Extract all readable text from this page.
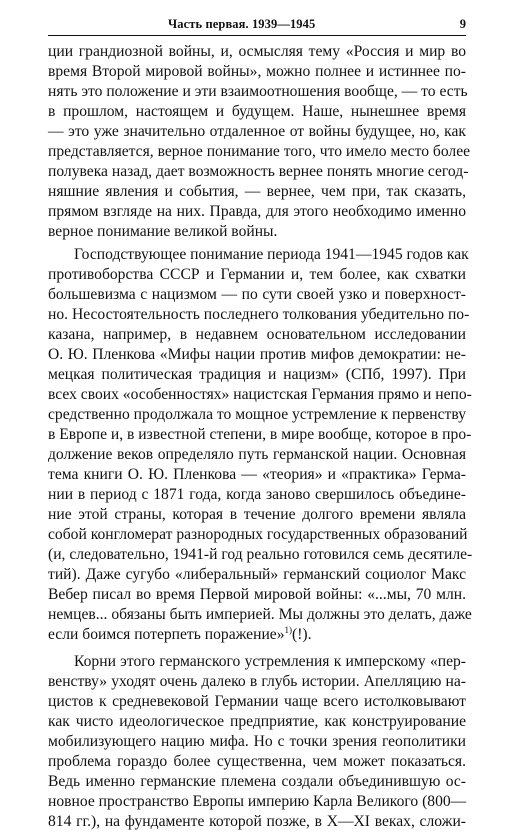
Часть первая. 1939—1945	9
ции грандиозной войны, и, осмысляя тему «Россия и мир во
время Второй мировой войны», можно полнее и истиннее по-
нять это положение и эти взаимоотношения вообще, — то есть
в прошлом, настоящем и будущем. Наше, нынешнее время
— это уже значительно отдаленное от войны будущее, но, как
представляется, верное понимание того, что имело место более
полувека назад, дает возможность вернее понять многие сегод-
няшние явления и события, — вернее, чем при, так сказать,
прямом взгляде на них. Правда, для этого необходимо именно
верное понимание великой войны.
Господствующее понимание периода 1941—1945 годов как
противоборства СССР и Германии и, тем более, как схватки
большевизма с нацизмом — по сути своей узко и поверхност-
но. Несостоятельность последнего толкования убедительно по-
казана, например, в недавнем основательном исследовании
О. Ю. Пленкова «Мифы нации против мифов демократии: не-
мецкая политическая традиция и нацизм» (СПб, 1997). При
всех своих «особенностях» нацистская Германия прямо и непо-
средственно продолжала то мощное устремление к первенству
в Европе и, в известной степени, в мире вообще, которое в про-
должение веков определяло путь германской нации. Основная
тема книги О. Ю. Пленкова — «теория» и «практика» Герма-
нии в период с 1871 года, когда заново свершилось объедине-
ние этой страны, которая в течение долгого времени являла
собой конгломерат разнородных государственных образований
(и, следовательно, 1941-й год реально готовился семь десятиле-
тий). Даже сугубо «либеральный» германский социолог Макс
Вебер писал во время Первой мировой войны: «...мы, 70 млн.
немцев... обязаны быть империей. Мы должны это делать, даже
если боимся потерпеть поражение»$^{1)}$(!).
Корни этого германского устремления к имперскому «пер-
венству» уходят очень далеко в глубь истории. Апелляцию на-
цистов к средневековой Германии чаще всего истолковывают
как чисто идеологическое предприятие, как конструирование
мобилизующего нацию мифа. Но с точки зрения геополитики
проблема гораздо более существенна, чем может показаться.
Ведь именно германские племена создали объединившую ос-
новное пространство Европы империю Карла Великого (800—
814 гг.), на фундаменте которой позже, в X—XI веках, сложи-
